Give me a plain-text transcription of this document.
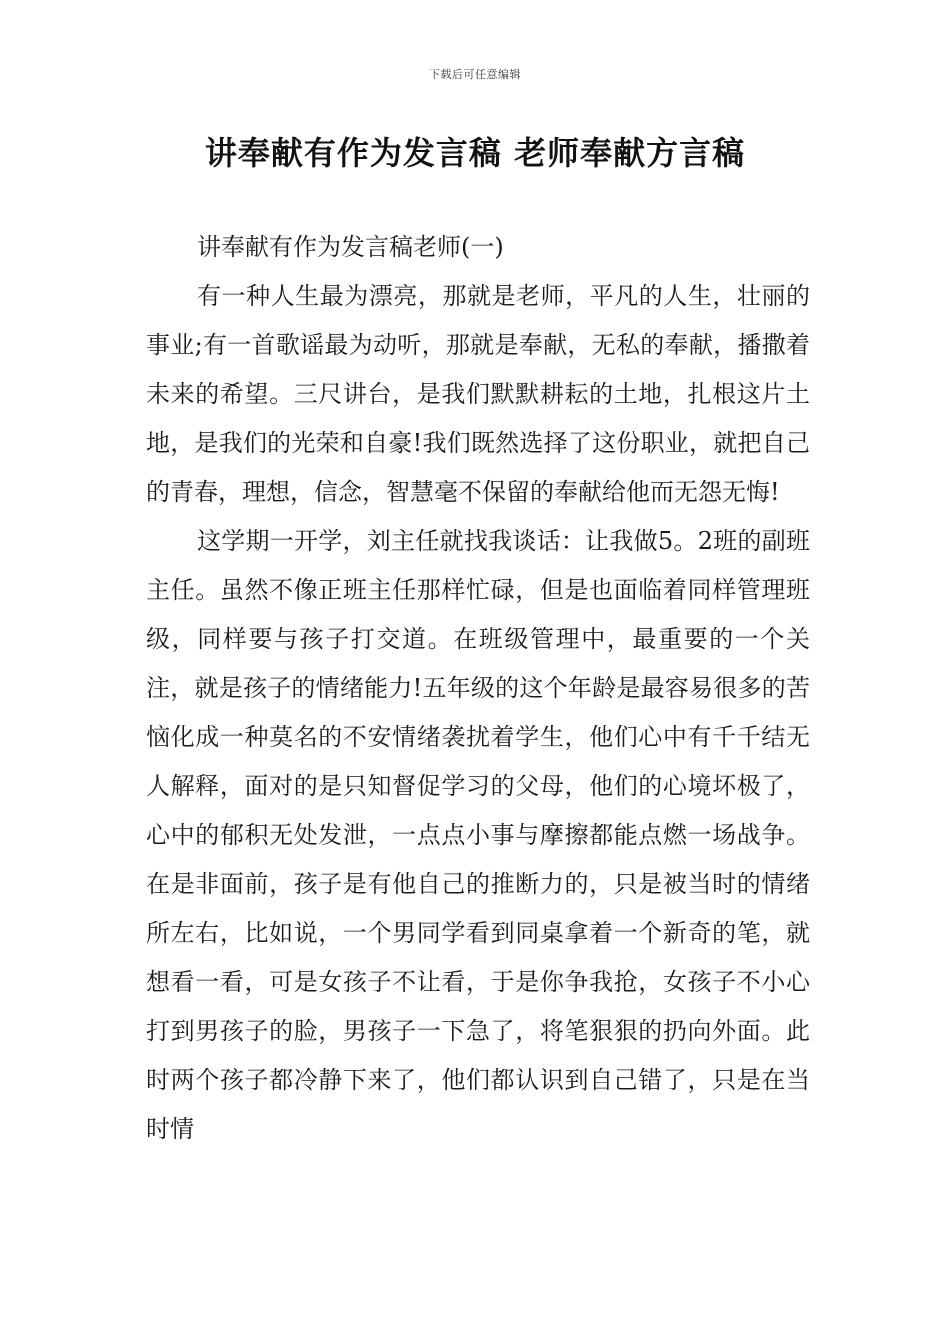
下载后可任意编辑
讲奉献有作为发言稿 老师奉献方言稿

讲奉献有作为发言稿老师(一)

有一种人生最为漂亮，那就是老师，平凡的人生，壮丽的事业;有一首歌谣最为动听，那就是奉献，无私的奉献，播撒着未来的希望。三尺讲台，是我们默默耕耘的土地，扎根这片土地，是我们的光荣和自豪!我们既然选择了这份职业，就把自己的青春，理想，信念，智慧毫不保留的奉献给他而无怨无悔!

这学期一开学，刘主任就找我谈话：让我做5。2班的副班主任。虽然不像正班主任那样忙碌，但是也面临着同样管理班级，同样要与孩子打交道。在班级管理中，最重要的一个关注，就是孩子的情绪能力!五年级的这个年龄是最容易很多的苦恼化成一种莫名的不安情绪袭扰着学生，他们心中有千千结无人解释，面对的是只知督促学习的父母，他们的心境坏极了，心中的郁积无处发泄，一点点小事与摩擦都能点燃一场战争。在是非面前，孩子是有他自己的推断力的，只是被当时的情绪所左右，比如说，一个男同学看到同桌拿着一个新奇的笔，就想看一看，可是女孩子不让看，于是你争我抢，女孩子不小心打到男孩子的脸，男孩子一下急了，将笔狠狠的扔向外面。此时两个孩子都冷静下来了，他们都认识到自己错了，只是在当时情
